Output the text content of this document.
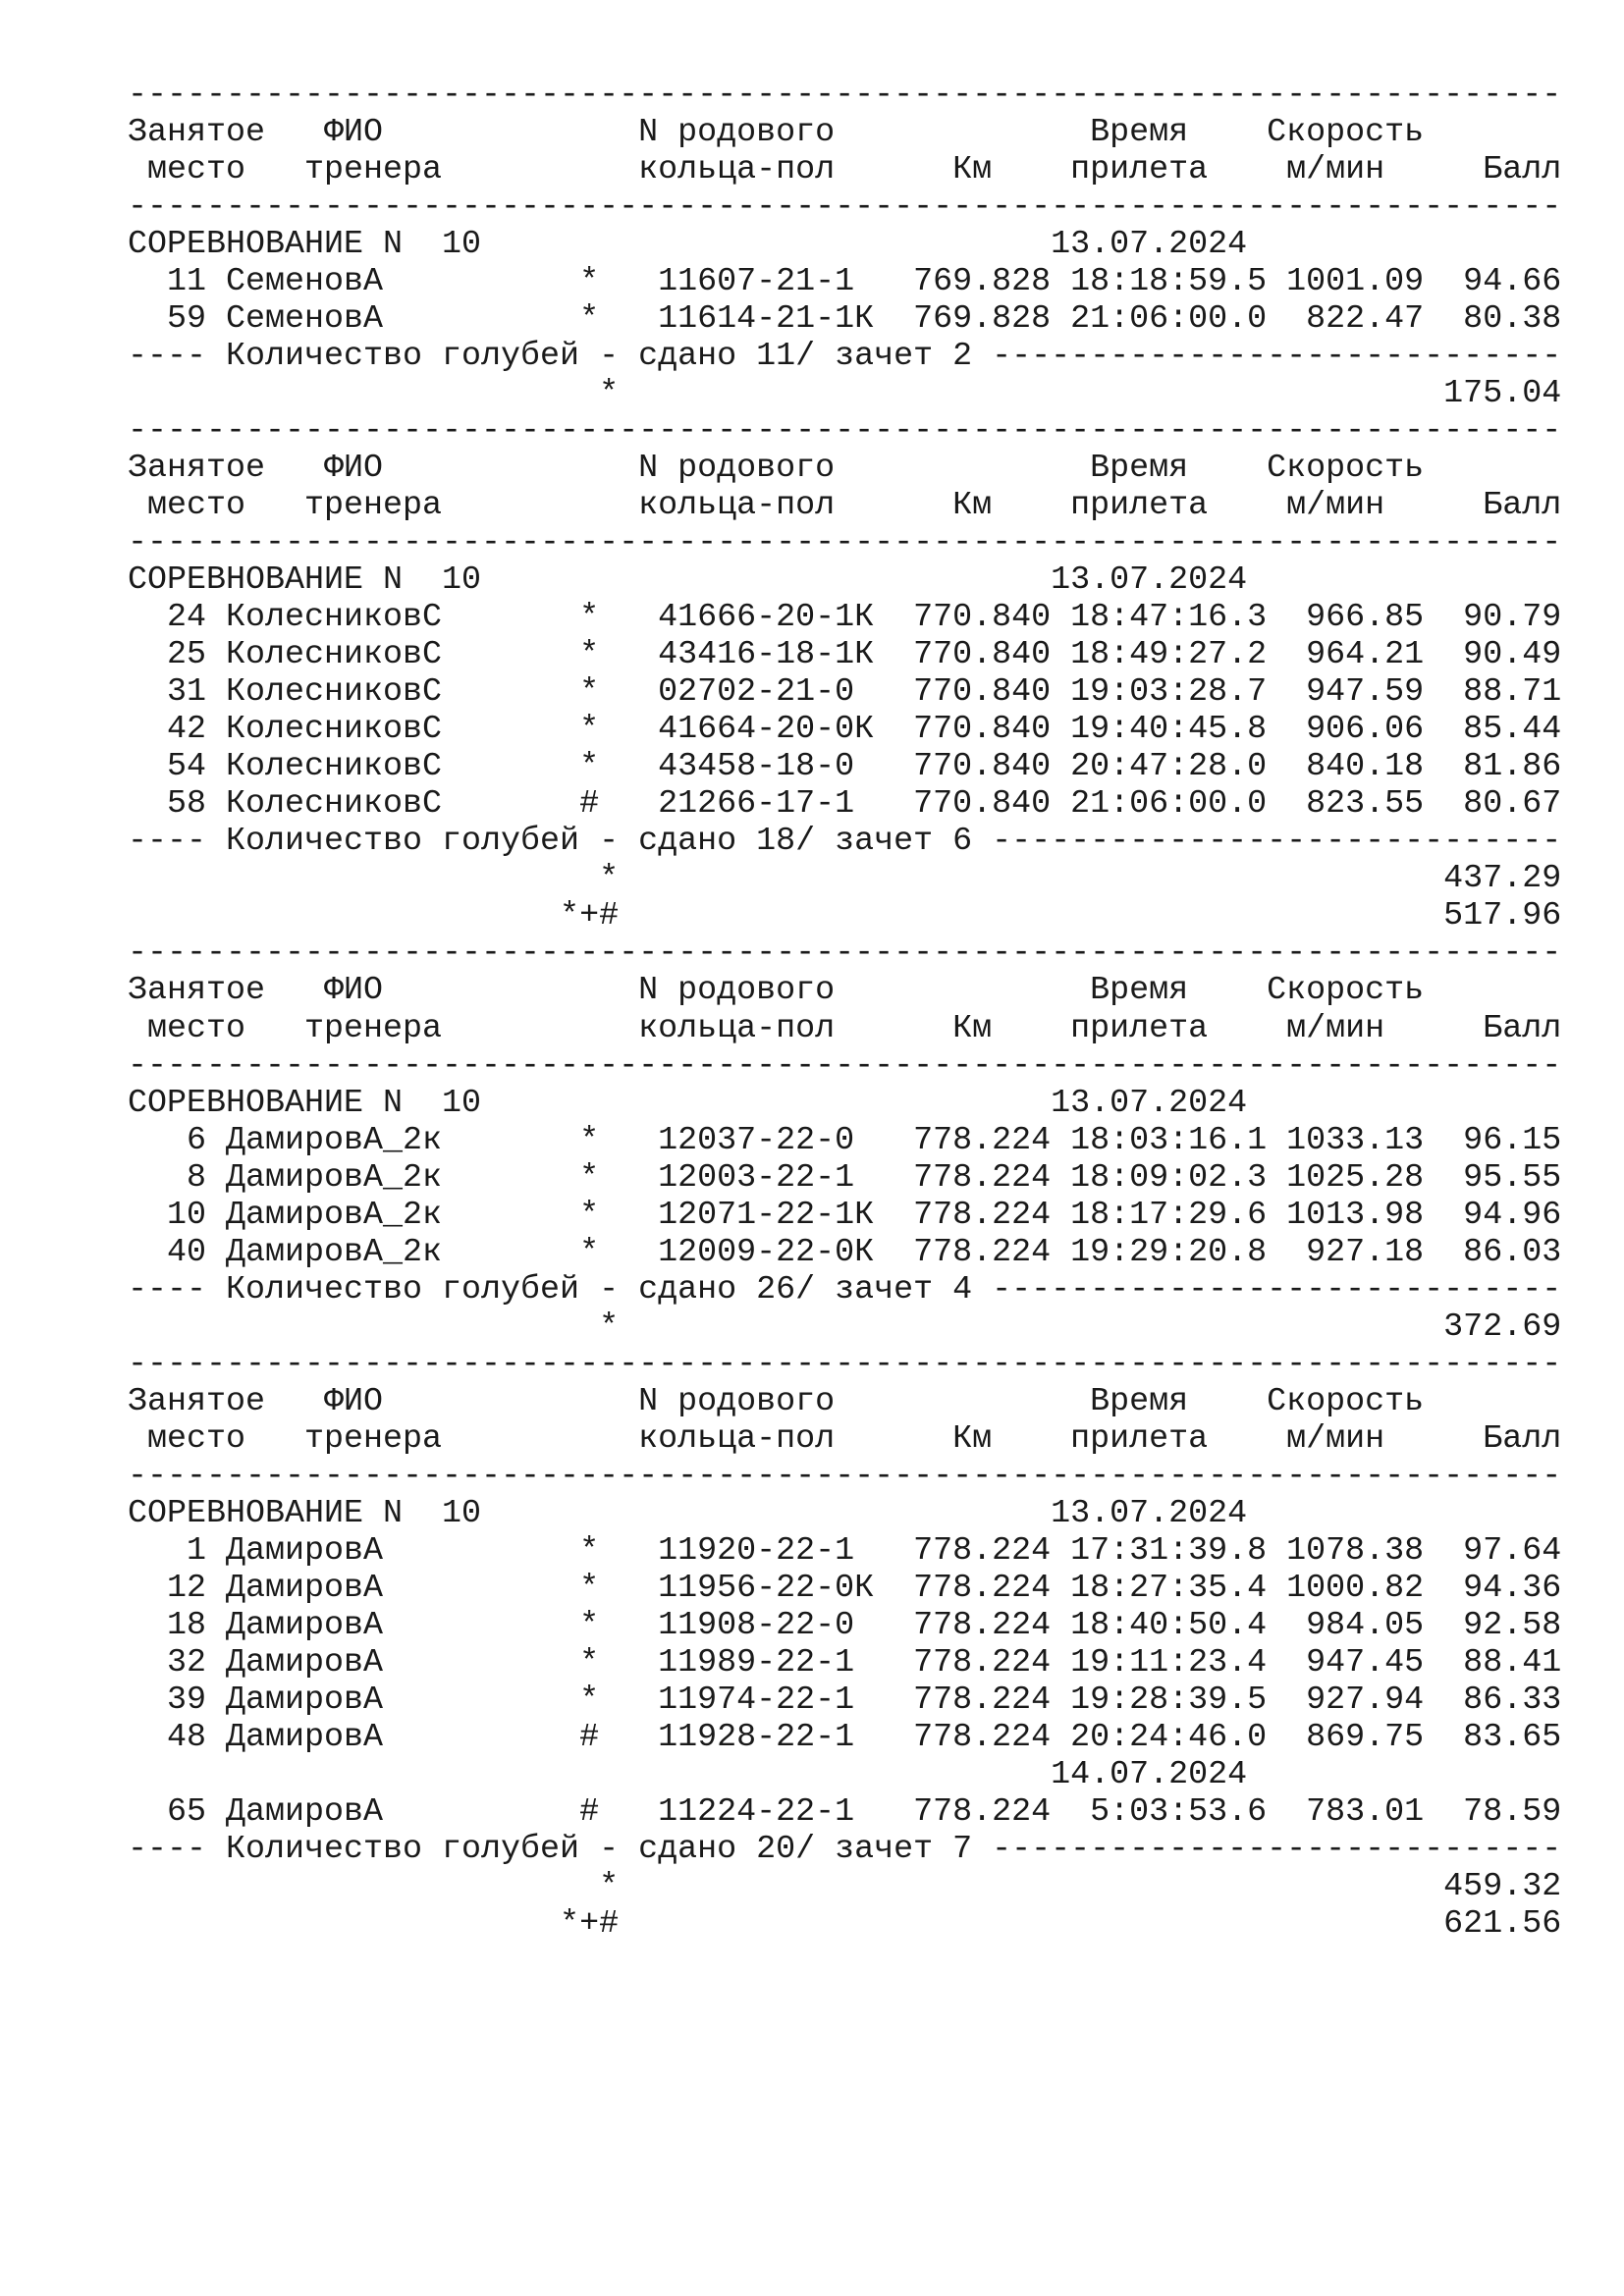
-------------------------------------------------------------------------
Занятое   ФИО             N родового             Время    Скорость
место   тренера          кольца-пол      Км    прилета    м/мин     Балл
-------------------------------------------------------------------------
СОРЕВНОВАНИЕ N  10                             13.07.2024
11 СеменовА          *   11607-21-1   769.828 18:18:59.5 1001.09  94.66
59 СеменовА          *   11614-21-1К  769.828 21:06:00.0  822.47  80.38
---- Количество голубей - сдано 11/ зачет 2 -----------------------------
*                                          175.04
-------------------------------------------------------------------------
Занятое   ФИО             N родового             Время    Скорость
место   тренера          кольца-пол      Км    прилета    м/мин     Балл
-------------------------------------------------------------------------
СОРЕВНОВАНИЕ N  10                             13.07.2024
24 КолесниковС       *   41666-20-1К  770.840 18:47:16.3  966.85  90.79
25 КолесниковС       *   43416-18-1К  770.840 18:49:27.2  964.21  90.49
31 КолесниковС       *   02702-21-0   770.840 19:03:28.7  947.59  88.71
42 КолесниковС       *   41664-20-0К  770.840 19:40:45.8  906.06  85.44
54 КолесниковС       *   43458-18-0   770.840 20:47:28.0  840.18  81.86
58 КолесниковС       #   21266-17-1   770.840 21:06:00.0  823.55  80.67
---- Количество голубей - сдано 18/ зачет 6 -----------------------------
*                                          437.29
*+#                                          517.96
-------------------------------------------------------------------------
Занятое   ФИО             N родового             Время    Скорость
место   тренера          кольца-пол      Км    прилета    м/мин     Балл
-------------------------------------------------------------------------
СОРЕВНОВАНИЕ N  10                             13.07.2024
6 ДамировА_2к       *   12037-22-0   778.224 18:03:16.1 1033.13  96.15
8 ДамировА_2к       *   12003-22-1   778.224 18:09:02.3 1025.28  95.55
10 ДамировА_2к       *   12071-22-1К  778.224 18:17:29.6 1013.98  94.96
40 ДамировА_2к       *   12009-22-0К  778.224 19:29:20.8  927.18  86.03
---- Количество голубей - сдано 26/ зачет 4 -----------------------------
*                                          372.69
-------------------------------------------------------------------------
Занятое   ФИО             N родового             Время    Скорость
место   тренера          кольца-пол      Км    прилета    м/мин     Балл
-------------------------------------------------------------------------
СОРЕВНОВАНИЕ N  10                             13.07.2024
1 ДамировА          *   11920-22-1   778.224 17:31:39.8 1078.38  97.64
12 ДамировА          *   11956-22-0К  778.224 18:27:35.4 1000.82  94.36
18 ДамировА          *   11908-22-0   778.224 18:40:50.4  984.05  92.58
32 ДамировА          *   11989-22-1   778.224 19:11:23.4  947.45  88.41
39 ДамировА          *   11974-22-1   778.224 19:28:39.5  927.94  86.33
48 ДамировА          #   11928-22-1   778.224 20:24:46.0  869.75  83.65
14.07.2024
65 ДамировА          #   11224-22-1   778.224  5:03:53.6  783.01  78.59
---- Количество голубей - сдано 20/ зачет 7 -----------------------------
*                                          459.32
*+#                                          621.56
